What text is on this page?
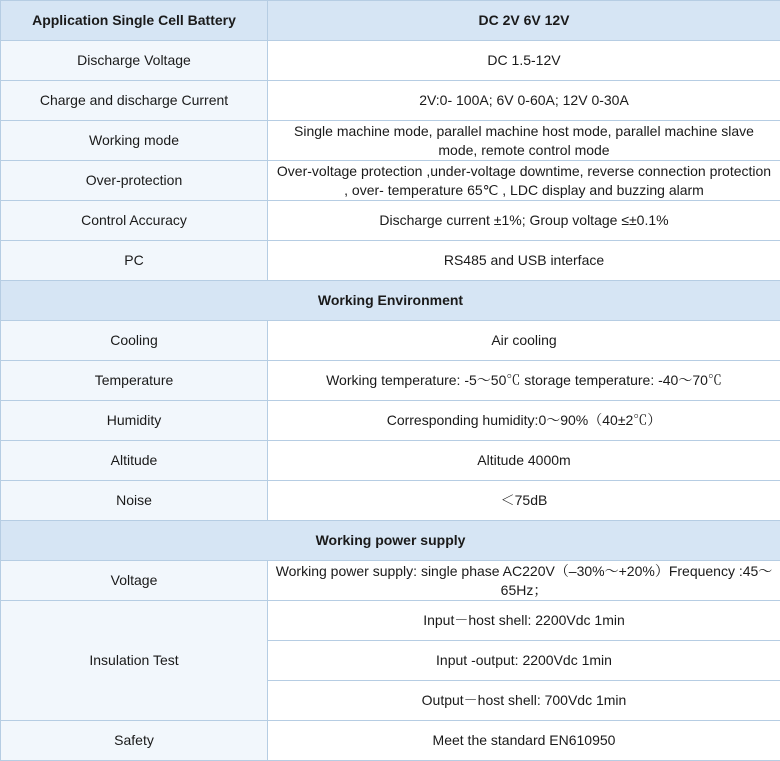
Application Single Cell Battery	DC 2V 6V 12V
Discharge Voltage	DC 1.5-12V
Charge and discharge Current	2V:0- 100A; 6V 0-60A; 12V 0-30A
Working mode	Single machine mode, parallel machine host mode, parallel machine slave mode, remote control mode
Over-protection	Over-voltage protection ,under-voltage downtime, reverse connection protection , over- temperature 65℃ , LDC display and buzzing alarm
Control Accuracy	Discharge current ±1%; Group voltage ≤±0.1%
PC	RS485 and USB interface
Working Environment	
Cooling	Air cooling
Temperature	Working temperature: -5～50℃ storage temperature: -40～70℃
Humidity	Corresponding humidity:0～90%（40±2℃）
Altitude	Altitude 4000m
Noise	＜75dB
Working power supply	
Voltage	Working power supply: single phase AC220V（–30%～+20%）Frequency :45～65Hz；
Insulation Test	Input－host shell: 2200Vdc 1min
	Input -output: 2200Vdc 1min
	Output－host shell: 700Vdc 1min
Safety	Meet the standard EN610950
